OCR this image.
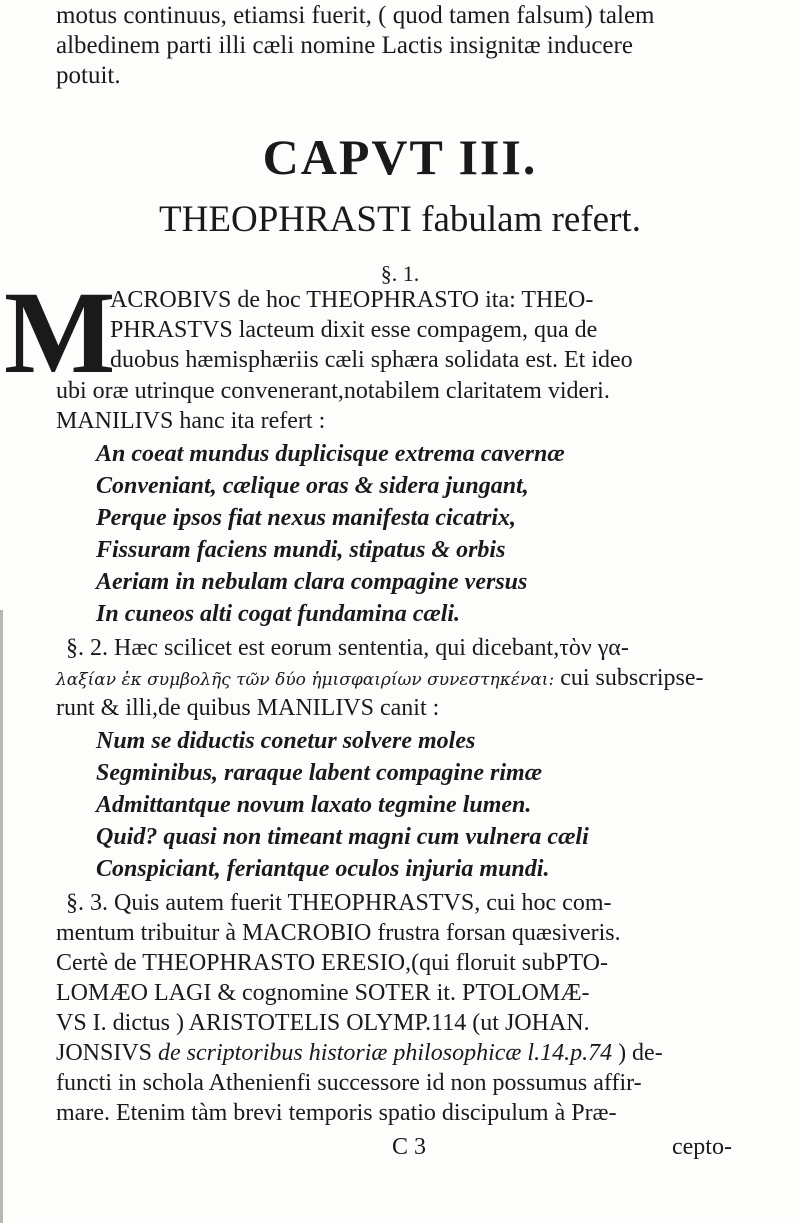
motus continuus, etiamsi fuerit, ( quod tamen falsum) talem
albedinem parti illi cæli nomine Lactis insignitæ inducere
potuit.
CAPVT III.
THEOPHRASTI fabulam refert.
§. 1.
M
ACROBIVS de hoc THEOPHRASTO ita: THEO-
PHRASTVS lacteum dixit esse compagem, qua de
duobus hæmisphæriis cæli sphæra solidata est. Et ideo
ubi oræ utrinque convenerant,notabilem claritatem videri.
MANILIVS hanc ita refert :
An coeat mundus duplicisque extrema cavernæ
Conveniant, cælique oras & sidera jungant,
Perque ipsos fiat nexus manifesta cicatrix,
Fissuram faciens mundi, stipatus & orbis
Aeriam in nebulam clara compagine versus
In cuneos alti cogat fundamina cæli.
§. 2. Hæc scilicet est eorum sententia, qui dicebant,τὸν γα-
λαξίαν ἐκ συμβολῆς τῶν δύο ἡμισφαιρίων συνεστηκέναι: cui subscripse-
runt & illi,de quibus MANILIVS canit :
Num se diductis conetur solvere moles
Segminibus, raraque labent compagine rimæ
Admittantque novum laxato tegmine lumen.
Quid? quasi non timeant magni cum vulnera cæli
Conspiciant, feriantque oculos injuria mundi.
§. 3. Quis autem fuerit THEOPHRASTVS, cui hoc com-
mentum tribuitur à MACROBIO frustra forsan quæsiveris.
Certè de THEOPHRASTO ERESIO,(qui floruit subPTO-
LOMÆO LAGI & cognomine SOTER it. PTOLOMÆ-
VS I. dictus ) ARISTOTELIS OLYMP.114 (ut JOHAN.
JONSIVS de scriptoribus historiæ philosophicæ l.14.p.74 ) de-
functi in schola Athenienfi successore id non possumus affir-
mare. Etenim tàm brevi temporis spatio discipulum à Præ-
C 3	cepto-
